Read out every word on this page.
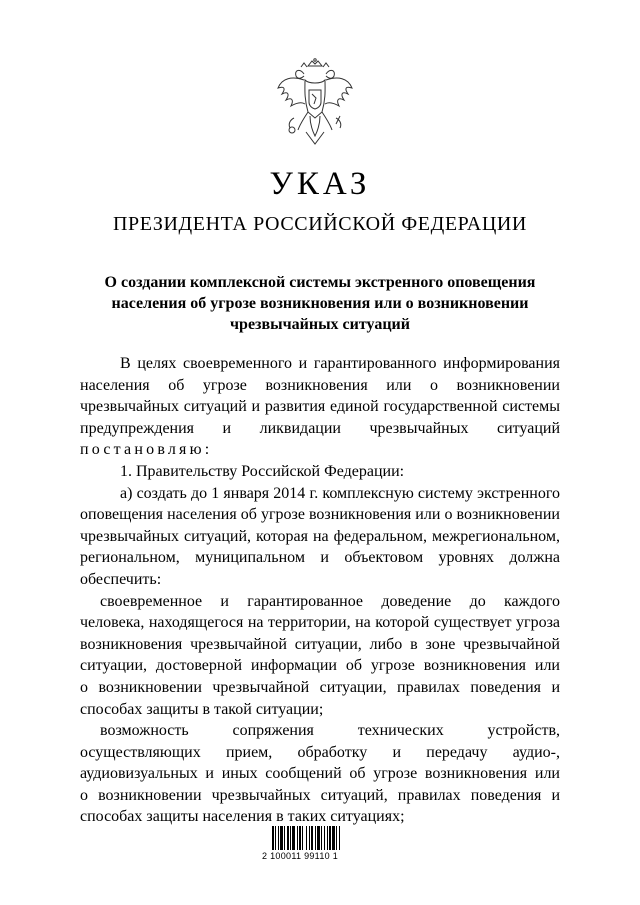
УКАЗ
ПРЕЗИДЕНТА РОССИЙСКОЙ ФЕДЕРАЦИИ
О создании комплексной системы экстренного оповещения
населения об угрозе возникновения или о возникновении
чрезвычайных ситуаций
В целях своевременного и гарантированного информирования
населения об угрозе возникновения или о возникновении
чрезвычайных ситуаций и развития единой государственной системы
предупреждения и ликвидации чрезвычайных ситуаций
постановляю:
1. Правительству Российской Федерации:
а) создать до 1 января 2014 г. комплексную систему экстренного
оповещения населения об угрозе возникновения или о возникновении
чрезвычайных ситуаций, которая на федеральном, межрегиональном,
региональном, муниципальном и объектовом уровнях должна
обеспечить:
своевременное и гарантированное доведение до каждого
человека, находящегося на территории, на которой существует угроза
возникновения чрезвычайной ситуации, либо в зоне чрезвычайной
ситуации, достоверной информации об угрозе возникновения или
о возникновении чрезвычайной ситуации, правилах поведения и
способах защиты в такой ситуации;
возможность сопряжения технических устройств,
осуществляющих прием, обработку и передачу аудио-,
аудиовизуальных и иных сообщений об угрозе возникновения или
о возникновении чрезвычайных ситуаций, правилах поведения и
способах защиты населения в таких ситуациях;
2 100011 99110 1
